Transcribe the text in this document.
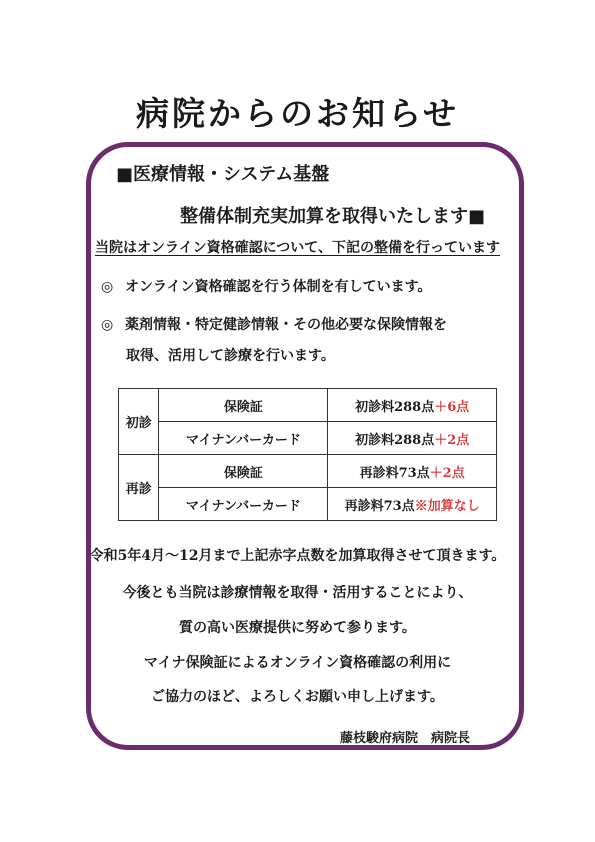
病院からのお知らせ
■医療情報・システム基盤
整備体制充実加算を取得いたします■
当院はオンライン資格確認について、下記の整備を行っています
◎ オンライン資格確認を行う体制を有しています。
◎ 薬剤情報・特定健診情報・その他必要な保険情報を
取得、活用して診療を行います。
初診	保険証	初診料288点＋6点
	マイナンバーカード	初診料288点＋2点
再診	保険証	再診料73点＋2点
	マイナンバーカード	再診料73点※加算なし
令和5年4月～12月まで上記赤字点数を加算取得させて頂きます。
今後とも当院は診療情報を取得・活用することにより、
質の高い医療提供に努めて参ります。
マイナ保険証によるオンライン資格確認の利用に
ご協力のほど、よろしくお願い申し上げます。
藤枝駿府病院　病院長
